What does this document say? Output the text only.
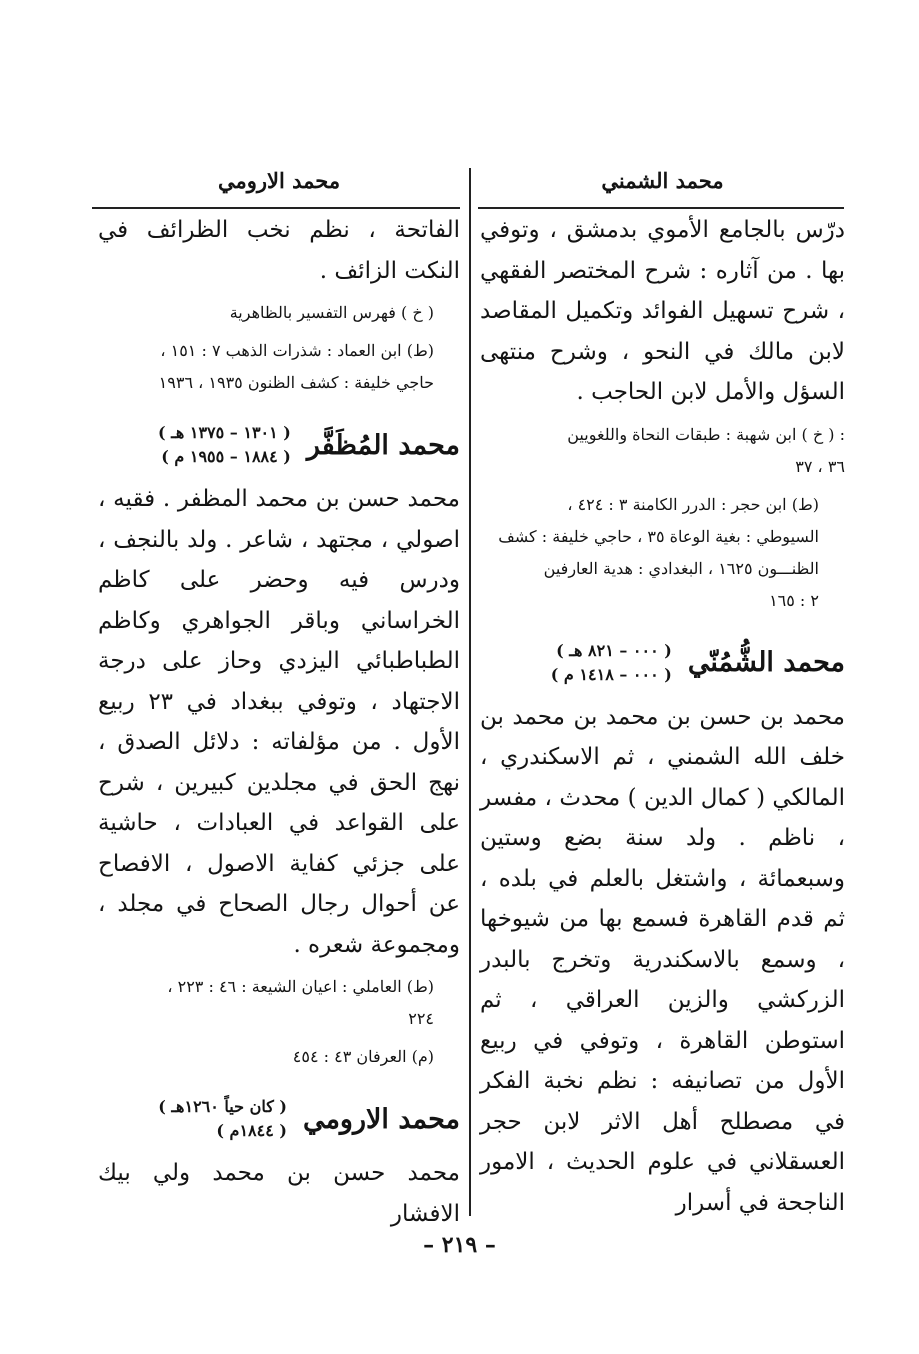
محمد الشمني

درّس بالجامع الأموي بدمشق ، وتوفي بها . من آثاره : شرح المختصر الفقهي ، شرح تسهيل الفوائد وتكميل المقاصد لابن مالك في النحو ، وشرح منتهى السؤل والأمل لابن الحاجب .

: ( خ ) ابن شهبة : طبقات النحاة واللغويين
٣٦ ، ٣٧
(ط) ابن حجر : الدرر الكامنة ٣ : ٤٢٤ ،
السيوطي : بغية الوعاة ٣٥ ، حاجي خليفة : كشف
الظنـــون ١٦٢٥ ، البغدادي : هدية العارفين
٢ : ١٦٥
محمد الشُّمُنّي
( ٠٠٠ – ٨٢١ هـ )
( ٠٠٠ – ١٤١٨ م )

محمد بن حسن بن محمد بن محمد بن خلف الله الشمني ، ثم الاسكندري ، المالكي ( كمال الدين ) محدث ، مفسر ، ناظم . ولد سنة بضع وستين وسبعمائة ، واشتغل بالعلم في بلده ، ثم قدم القاهرة فسمع بها من شيوخها ، وسمع بالاسكندرية وتخرج بالبدر الزركشي والزين العراقي ، ثم استوطن القاهرة ، وتوفي في ربيع الأول من تصانيفه : نظم نخبة الفكر في مصطلح أهل الاثر لابن حجر العسقلاني في علوم الحديث ، الامور الناجحة في أسرار

محمد الارومي

الفاتحة ، نظم نخب الظرائف في النكت الزائف .

( خ ) فهرس التفسير بالظاهرية
(ط) ابن العماد : شذرات الذهب ٧ : ١٥١ ،
حاجي خليفة : كشف الظنون ١٩٣٥ ، ١٩٣٦
محمد المُظَفَّر
( ١٣٠١ – ١٣٧٥ هـ )
( ١٨٨٤ – ١٩٥٥ م )

محمد حسن بن محمد المظفر . فقيه ، اصولي ، مجتهد ، شاعر . ولد بالنجف ، ودرس فيه وحضر على كاظم الخراساني وباقر الجواهري وكاظم الطباطبائي اليزدي وحاز على درجة الاجتهاد ، وتوفي ببغداد في ٢٣ ربيع الأول . من مؤلفاته : دلائل الصدق ، نهج الحق في مجلدين كبيرين ، شرح على القواعد في العبادات ، حاشية على جزئي كفاية الاصول ، الافصاح عن أحوال رجال الصحاح في مجلد ، ومجموعة شعره .

(ط) العاملي : اعيان الشيعة : ٤٦ : ٢٢٣ ،
٢٢٤
(م) العرفان ٤٣ : ٤٥٤
محمد الارومي
( كان حياً ١٢٦٠هـ )
( ١٨٤٤م )

محمد حسن بن محمد ولي بيك الافشار

– ٢١٩ –
